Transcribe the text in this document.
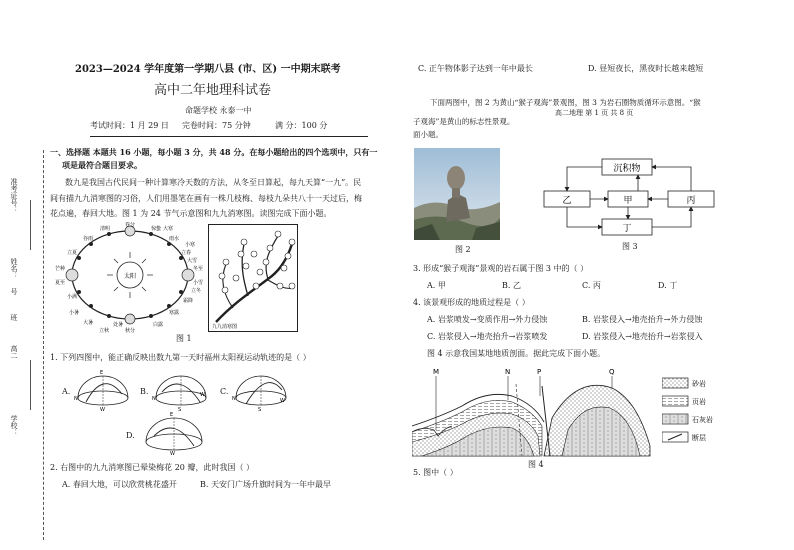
准考证号：
姓名：
号
班
高二
学校：
2023—2024 学年度第一学期八县 (市、区) 一中期末联考
高中二年地理科试卷
命题学校 永泰一中
考试时间：1 月 29 日 完卷时间：75 分钟	满 分：100 分
一、选择题 本题共 16 小题，每小题 3 分，共 48 分。在每小题给出的四个选项中，只有一
项是最符合题目要求。
数九是我国古代民间一种计算寒冷天数的方法，从冬至日算起，每九天算“一九”。民
间有描九九消寒图的习俗，人们用墨笔在画有一株几枝梅、每枝九朵共八十一天过后，梅
花点遍，春回大地。图 1 为 24 节气示意图和九九消寒图。读图完成下面小题。
太阳
春分
惊蛰
雨水
立春
清明
谷雨
立夏
夏至
小满
芒种
小暑
大暑
立秋	秋分
处暑	白露
寒露
霜降
立冬
冬至
小雪
大雪
小寒
大寒
九九消寒图
图 1
1. 下列四图中，能正确反映出数九第一天时福州太阳视运动轨迹的是（ ）
A.
N
W
E
B.
N
S
W C.
N
S
W
D.
E
W
2. 右图中的九九消寒图已晕染梅花 20 瓣，此时我国（ ）
A. 春回大地，可以欣赏桃花盛开	B. 天安门广场升旗时间为一年中最早
C. 正午物体影子达到一年中最长	D. 昼短夜长，黑夜时长越来越短
下面两图中，图 2 为黄山“猴子观海”景观图，图 3 为岩石圈物质循环示意图。“猴
高二地理 第 1 页 共 8 页
子观海”是黄山的标志性景观。
面小题。
图 2
沉积物
乙	甲	丙
丁
图 3
3. 形成“猴子观海”景观的岩石属于图 3 中的（ ）
A. 甲	B. 乙	C. 丙	D. 丁
4. 该景观形成的地质过程是（ ）
A. 岩浆喷发→变质作用→外力侵蚀	B. 岩浆侵入→地壳抬升→外力侵蚀
C. 岩浆侵入→地壳抬升→岩浆喷发	D. 岩浆侵入→地壳抬升→岩浆侵入
图 4 示意我国某地地质剖面。据此完成下面小题。
M	N	P	Q
图 4
砂岩
页岩
石灰岩
断层
5. 图中（ ）
